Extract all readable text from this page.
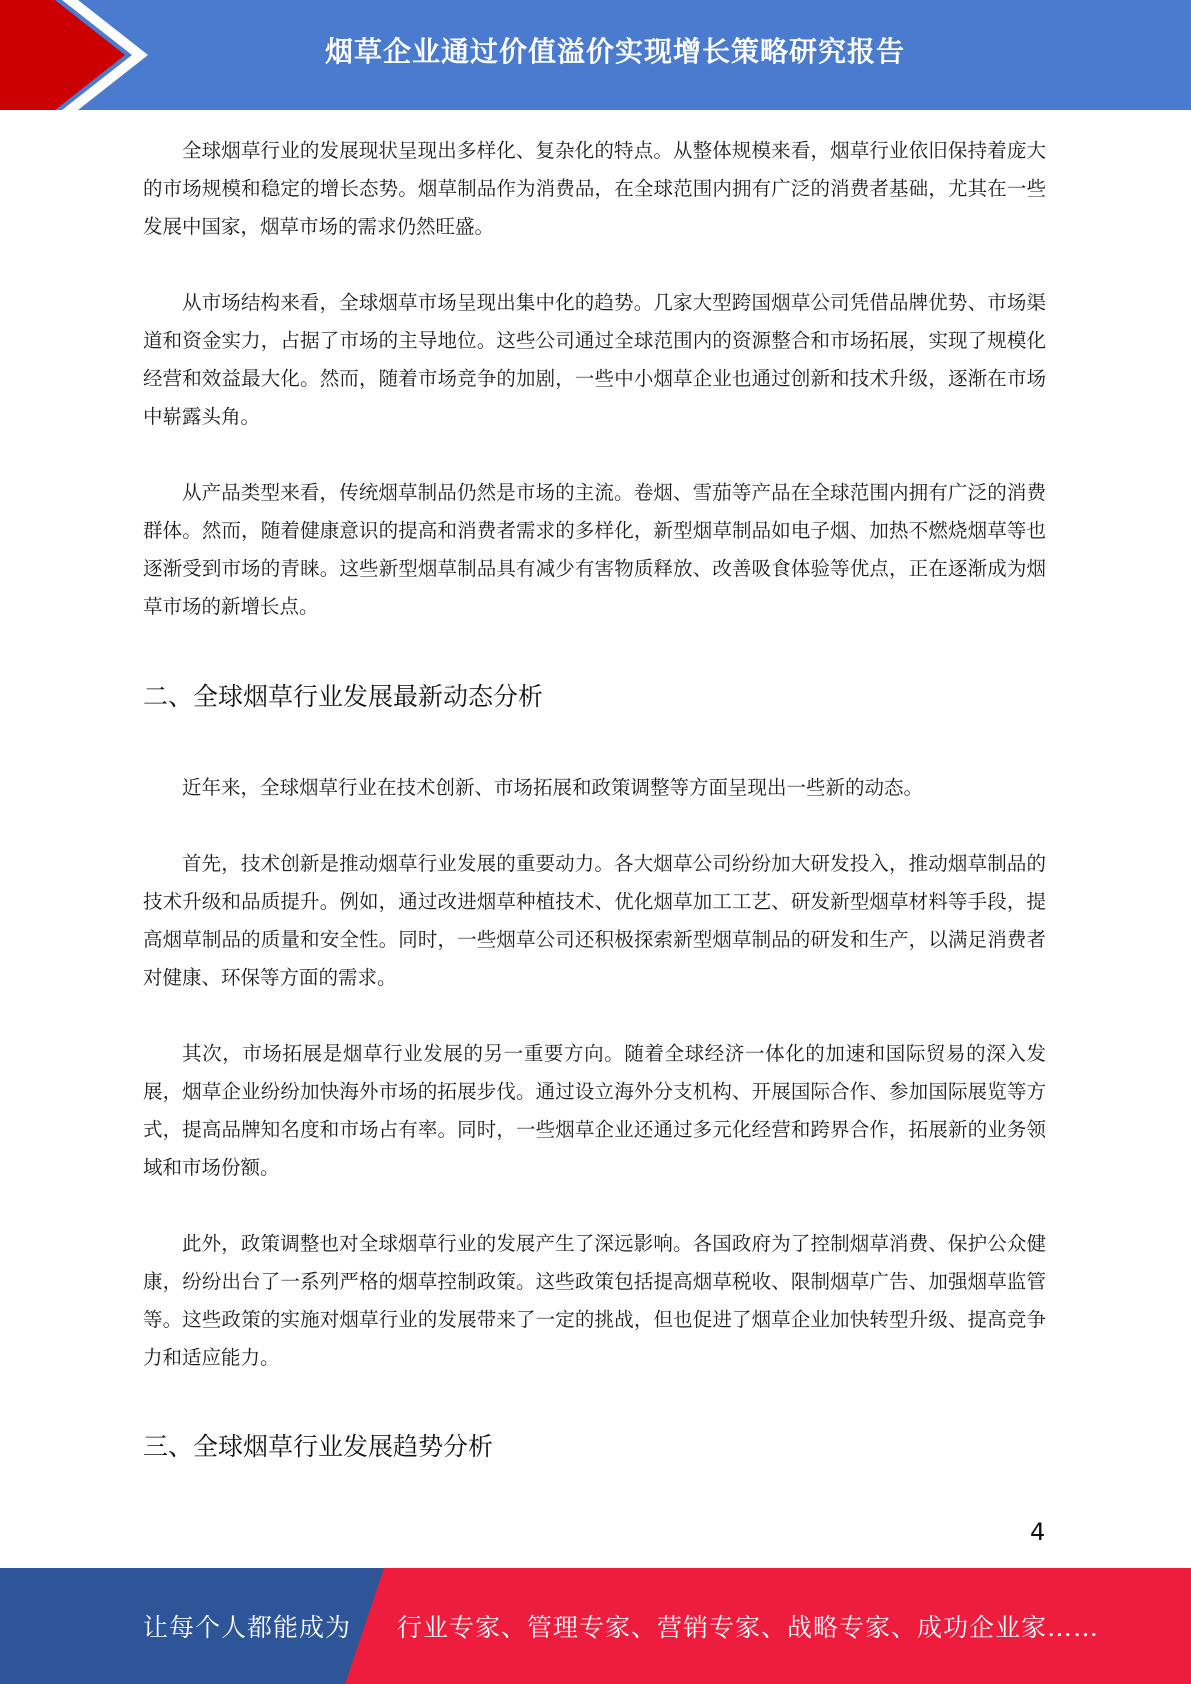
烟草企业通过价值溢价实现增长策略研究报告

全球烟草行业的发展现状呈现出多样化、复杂化的特点。从整体规模来看，烟草行业依旧保持着庞大的市场规模和稳定的增长态势。烟草制品作为消费品，在全球范围内拥有广泛的消费者基础，尤其在一些发展中国家，烟草市场的需求仍然旺盛。

从市场结构来看，全球烟草市场呈现出集中化的趋势。几家大型跨国烟草公司凭借品牌优势、市场渠道和资金实力，占据了市场的主导地位。这些公司通过全球范围内的资源整合和市场拓展，实现了规模化经营和效益最大化。然而，随着市场竞争的加剧，一些中小烟草企业也通过创新和技术升级，逐渐在市场中崭露头角。

从产品类型来看，传统烟草制品仍然是市场的主流。卷烟、雪茄等产品在全球范围内拥有广泛的消费群体。然而，随着健康意识的提高和消费者需求的多样化，新型烟草制品如电子烟、加热不燃烧烟草等也逐渐受到市场的青睐。这些新型烟草制品具有减少有害物质释放、改善吸食体验等优点，正在逐渐成为烟草市场的新增长点。

二、全球烟草行业发展最新动态分析

近年来，全球烟草行业在技术创新、市场拓展和政策调整等方面呈现出一些新的动态。

首先，技术创新是推动烟草行业发展的重要动力。各大烟草公司纷纷加大研发投入，推动烟草制品的技术升级和品质提升。例如，通过改进烟草种植技术、优化烟草加工工艺、研发新型烟草材料等手段，提高烟草制品的质量和安全性。同时，一些烟草公司还积极探索新型烟草制品的研发和生产，以满足消费者对健康、环保等方面的需求。

其次，市场拓展是烟草行业发展的另一重要方向。随着全球经济一体化的加速和国际贸易的深入发展，烟草企业纷纷加快海外市场的拓展步伐。通过设立海外分支机构、开展国际合作、参加国际展览等方式，提高品牌知名度和市场占有率。同时，一些烟草企业还通过多元化经营和跨界合作，拓展新的业务领域和市场份额。

此外，政策调整也对全球烟草行业的发展产生了深远影响。各国政府为了控制烟草消费、保护公众健康，纷纷出台了一系列严格的烟草控制政策。这些政策包括提高烟草税收、限制烟草广告、加强烟草监管等。这些政策的实施对烟草行业的发展带来了一定的挑战，但也促进了烟草企业加快转型升级、提高竞争力和适应能力。

三、全球烟草行业发展趋势分析
4
让每个人都能成为 行业专家、管理专家、营销专家、战略专家、成功企业家……
